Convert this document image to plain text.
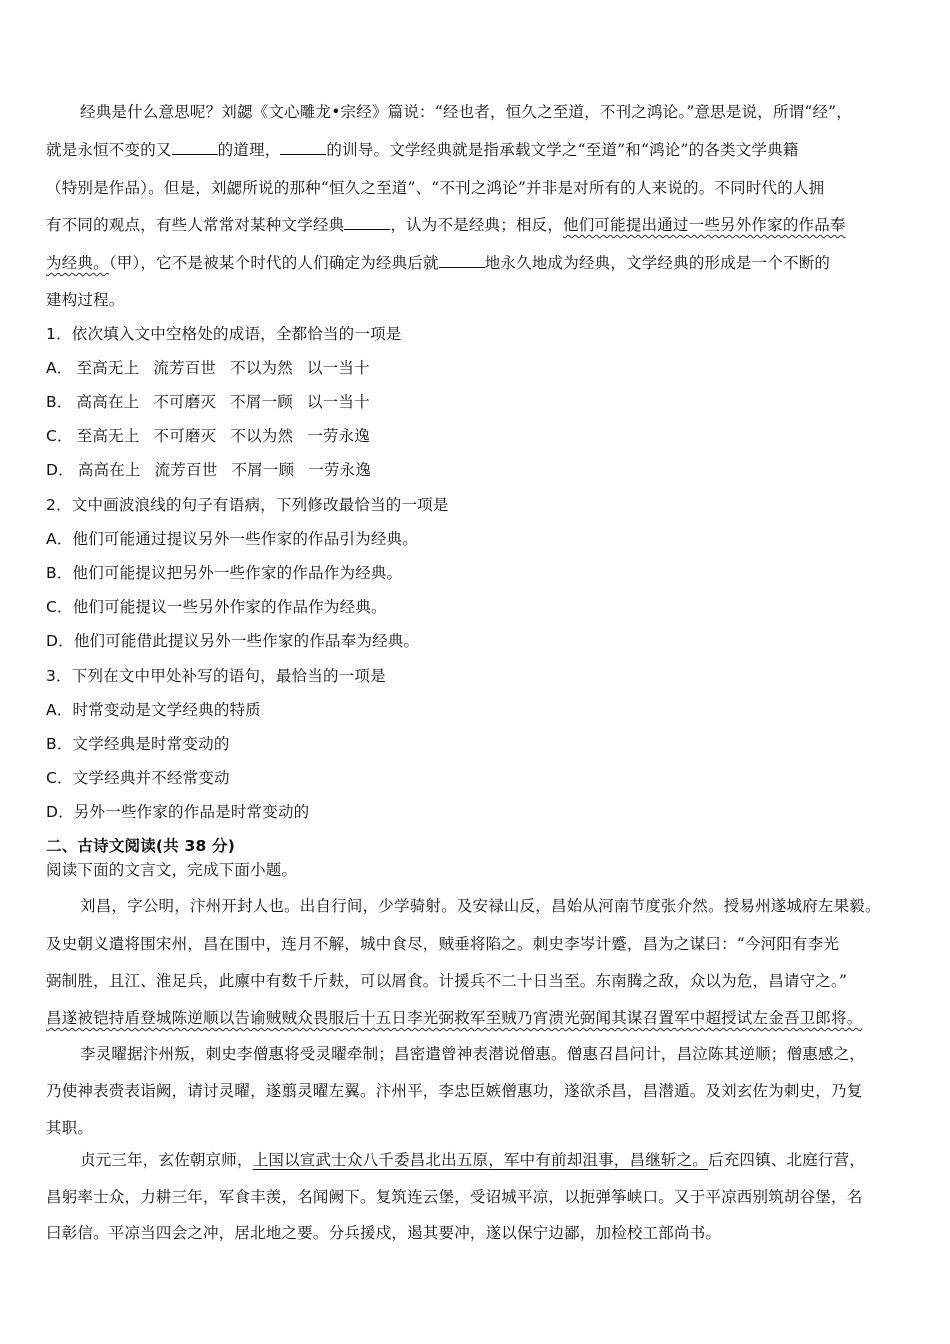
经典是什么意思呢？刘勰《文心雕龙•宗经》篇说：“经也者，恒久之至道，不刊之鸿论。”意思是说，所谓“经”，
就是永恒不变的又	的道理，	的训导。文学经典就是指承载文学之“至道”和“鸿论”的各类文学典籍
（特别是作品）。但是，刘勰所说的那种“恒久之至道”、“不刊之鸿论”并非是对所有的人来说的。不同时代的人拥
有不同的观点，有些人常常对某种文学经典	，认为不是经典；相反，他们可能提出通过一些另外作家的作品奉
为经典。（甲），它不是被某个时代的人们确定为经典后就	地永久地成为经典，文学经典的形成是一个不断的
建构过程。
1．依次填入文中空格处的成语，全都恰当的一项是
A． 至高无上 流芳百世 不以为然 以一当十
B． 高高在上 不可磨灭 不屑一顾 以一当十
C． 至高无上 不可磨灭 不以为然 一劳永逸
D． 高高在上 流芳百世 不屑一顾 一劳永逸
2．文中画波浪线的句子有语病，下列修改最恰当的一项是
A．他们可能通过提议另外一些作家的作品引为经典。
B．他们可能提议把另外一些作家的作品作为经典。
C．他们可能提议一些另外作家的作品作为经典。
D．他们可能借此提议另外一些作家的作品奉为经典。
3．下列在文中甲处补写的语句，最恰当的一项是
A．时常变动是文学经典的特质
B．文学经典是时常变动的
C．文学经典并不经常变动
D．另外一些作家的作品是时常变动的
二、古诗文阅读(共 38 分)
阅读下面的文言文，完成下面小题。
刘昌，字公明，汴州开封人也。出自行间，少学骑射。及安禄山反，昌始从河南节度张介然。授易州遂城府左果毅。
及史朝义遣将围宋州，昌在围中，连月不解，城中食尽，贼垂将陷之。刺史李岑计蹙，昌为之谋曰：“今河阳有李光
弼制胜，且江、淮足兵，此廪中有数千斤麸，可以屑食。计援兵不二十日当至。东南腾之敌，众以为危，昌请守之。”
昌遂被铠持盾登城陈逆顺以告谕贼贼众畏服后十五日李光弼救军至贼乃宵溃光弼闻其谋召置军中超授试左金吾卫郎将。
李灵曜据汴州叛，刺史李僧惠将受灵曜牵制；昌密遣曾神表潜说僧惠。僧惠召昌问计，昌泣陈其逆顺；僧惠感之，
乃使神表赍表诣阙，请讨灵曜，遂翦灵曜左翼。汴州平，李忠臣嫉僧惠功，遂欲杀昌，昌潜遁。及刘玄佐为刺史，乃复
其职。
贞元三年，玄佐朝京师，上国以宣武士众八千委昌北出五原，军中有前却沮事，昌继斩之。后充四镇、北庭行营，
昌躬率士众，力耕三年，军食丰羡，名闻阙下。复筑连云堡，受诏城平凉，以扼弹筝峡口。又于平凉西别筑胡谷堡，名
曰彰信。平凉当四会之冲，居北地之要。分兵援戍，遏其要冲，遂以保宁边鄙，加检校工部尚书。
